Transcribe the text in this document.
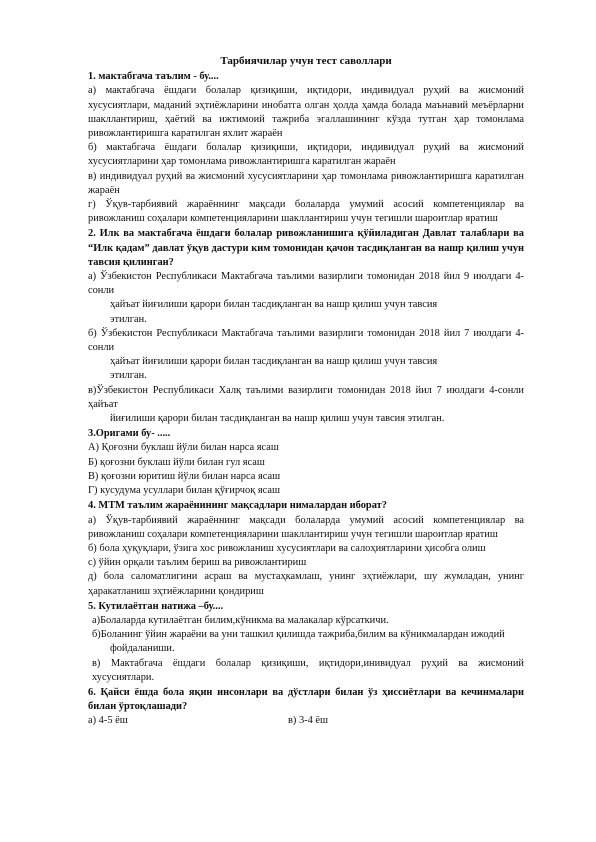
Тарбиячилар учун тест саволлари

1. мактабгача таълим - бу....

а) мактабгача ёшдаги болалар қизиқиши, иқтидори, индивидуал руҳий ва жисмоний хусусиятлари, маданий эҳтиёжларини инобатга олган ҳолда ҳамда болада маънавий меъёрларни шакллантириш, ҳаётий ва ижтимоий тажриба эгаллашининг кўзда тутган ҳар томонлама ривожлантиришга каратилган яхлит жараён

б) мактабгача ёшдаги болалар қизиқиши, иқтидори, индивидуал руҳий ва жисмоний хусусиятларини ҳар томонлама ривожлантиришга каратилган жараён

в) индивидуал руҳий ва жисмоний хусусиятларини ҳар томонлама ривожлантиришга каратилган жараён

г) Ўқув-тарбиявий жараённинг мақсади болаларда умумий асосий компетенциялар ва ривожланиш соҳалари компетенцияларини шакллантириш учун тегишли шароитлар яратиш

2. Илк ва мактабгача ёшдаги болалар ривожланишига қўйиладиган Давлат талаблари ва “Илк қадам” давлат ўқув дастури ким томонидан қачон тасдиқланган ва нашр қилиш учун тавсия қилинган?

а) Ўзбекистон Республикаси Мактабгача таълими вазирлиги томонидан 2018 йил 9 июлдаги 4-сонли

ҳайъат йиғилиши қарори билан тасдиқланган ва нашр қилиш учун тавсия

этилган.

б) Ўзбекистон Республикаси Мактабгача таълими вазирлиги томонидан 2018 йил 7 июлдаги 4-сонли

ҳайъат йиғилиши қарори билан тасдиқланган ва нашр қилиш учун тавсия

этилган.

в)Ўзбекистон Республикаси Халқ таълими вазирлиги томонидан 2018 йил 7 июлдаги 4-сонли ҳайъат

йиғилиши қарори билан тасдиқланган ва нашр қилиш учун тавсия этилган.

3.Оригами бу- .....

А) Қоғозни буклаш йўли билан нарса ясаш

Б) қоғозни буклаш йўли билан гул ясаш

В) қоғозни юритиш йўли билан нарса ясаш

Г) кусудума усуллари билан қўғирчоқ ясаш

4. МТМ таълим жараёнининг мақсадлари нималардан иборат?

а) Ўқув-тарбиявий жараённинг мақсади болаларда умумий асосий компетенциялар ва ривожланиш соҳалари компетенцияларини шакллантириш учун тегишли шароитлар яратиш

б) бола ҳуқуқлари, ўзига хос ривожланиш хусусиятлари ва салоҳиятларини ҳисобга олиш

с) ўйин орқали таълим бериш ва ривожлантириш

д) бола саломатлигини асраш ва мустаҳкамлаш, унинг эҳтиёжлари, шу жумладан, унинг ҳаракатланиш эҳтиёжларини қондириш

5. Кутилаётган натижа –бу....

а)Болаларда кутилаётган билим,кўникма ва малакалар кўрсаткичи.

б)Боланинг ўйин жараёни ва уни ташкил қилишда тажриба,билим ва кўникмалардан ижодий

фойдаланиши.

в) Мактабгача ёшдаги болалар қизиқиши, иқтидори,инивидуал руҳий ва жисмоний хусусиятлари.

6. Қайси ёшда бола яқин инсонлари ва дўстлари билан ўз ҳиссиётлари ва кечинмалари билан ўртоқлашади?

а) 4-5 ёш	в) 3-4 ёш
